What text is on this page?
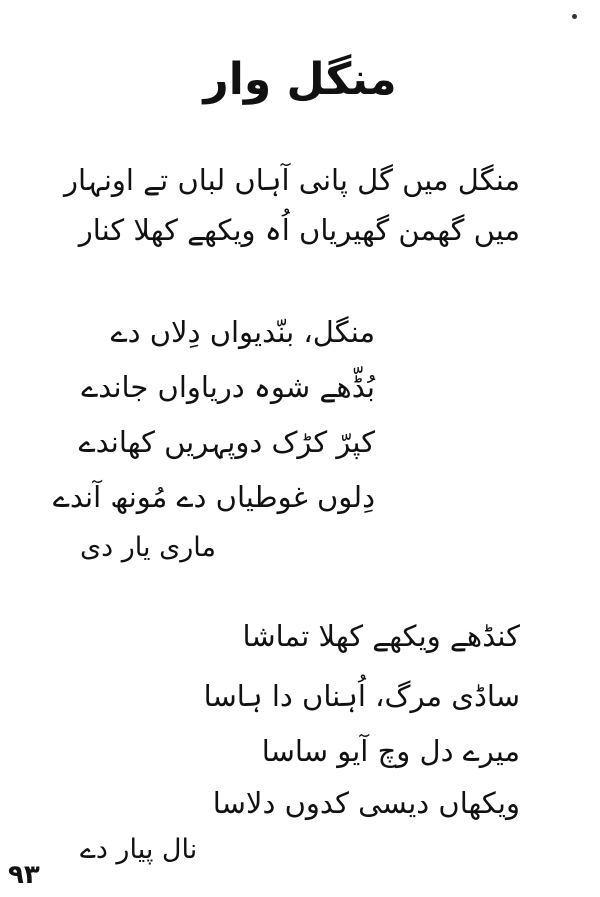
منگل وار
منگل میں گل پانی آہاں لباں تے اونہار
میں گھمن گھیریاں اُہ ویکھے کھلا کنار
منگل، بنّدیواں دِلاں دے
بُڈّھے شوہ دریاواں جاندے
کپرّ کڑک دوپہریں کھاندے
دِلوں غوطیاں دے مُونھ آندے
ماری یار دی
کنڈھے ویکھے کھلا تماشا
ساڈی مرگ، اُہناں دا ہاسا
میرے دل وچ آیو ساسا
ویکھاں دیسی کدوں دلاسا
نال پیار دے
۹۳
